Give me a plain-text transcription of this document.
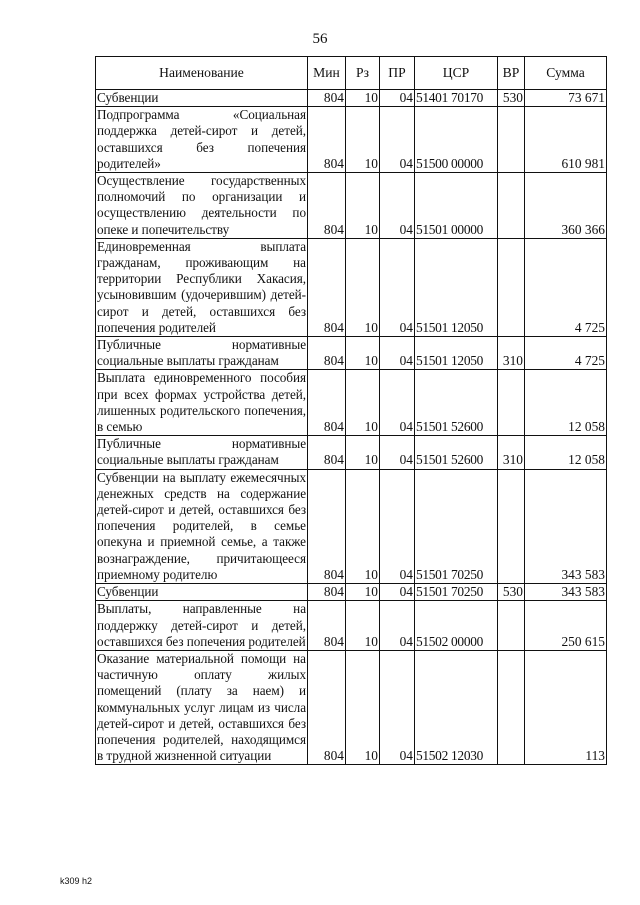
56
Наименование	Мин	Рз	ПР	ЦСР	ВР	Сумма
Субвенции	804	10	04	51401 70170	530	73 671
Подпрограмма «Социальная поддержка детей-сирот и детей, оставшихся без попечения родителей»	804	10	04	51500 00000		610 981
Осуществление государственных полномочий по организации и осуществлению деятельности по опеке и попечительству	804	10	04	51501 00000		360 366
Единовременная выплата гражданам, проживающим на территории Республики Хакасия, усыновившим (удочерившим) детей-сирот и детей, оставшихся без попечения родителей	804	10	04	51501 12050		4 725
Публичные нормативные социальные выплаты гражданам	804	10	04	51501 12050	310	4 725
Выплата единовременного пособия при всех формах устройства детей, лишенных родительского попечения, в семью	804	10	04	51501 52600		12 058
Публичные нормативные социальные выплаты гражданам	804	10	04	51501 52600	310	12 058
Субвенции на выплату ежемесячных денежных средств на содержание детей-сирот и детей, оставшихся без попечения родителей, в семье опекуна и приемной семье, а также вознаграждение, причитающееся приемному родителю	804	10	04	51501 70250		343 583
Субвенции	804	10	04	51501 70250	530	343 583
Выплаты, направленные на поддержку детей-сирот и детей, оставшихся без попечения родителей	804	10	04	51502 00000		250 615
Оказание материальной помощи на частичную оплату жилых помещений (плату за наем) и коммунальных услуг лицам из числа детей-сирот и детей, оставшихся без попечения родителей, находящимся в трудной жизненной ситуации	804	10	04	51502 12030		113
k309 h2
